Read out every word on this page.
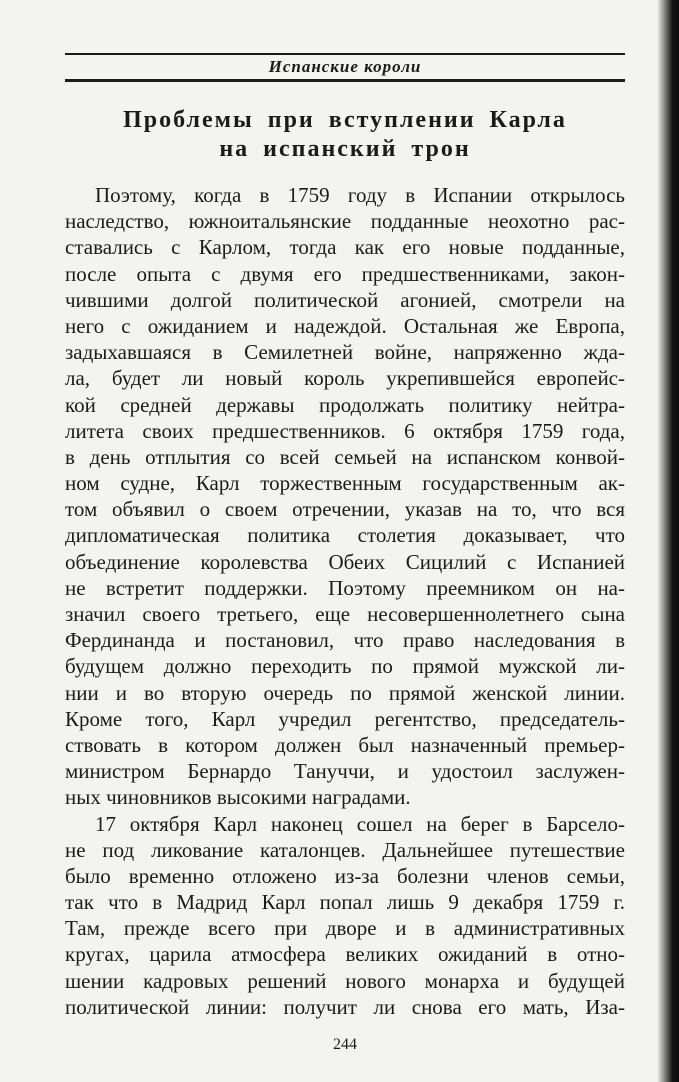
Испанские короли
Проблемы при вступлении Карла
на испанский трон
Поэтому, когда в 1759 году в Испании открылось
наследство, южноитальянские подданные неохотно рас-
ставались с Карлом, тогда как его новые подданные,
после опыта с двумя его предшественниками, закон-
чившими долгой политической агонией, смотрели на
него с ожиданием и надеждой. Остальная же Европа,
задыхавшаяся в Семилетней войне, напряженно жда-
ла, будет ли новый король укрепившейся европейс-
кой средней державы продолжать политику нейтра-
литета своих предшественников. 6 октября 1759 года,
в день отплытия со всей семьей на испанском конвой-
ном судне, Карл торжественным государственным ак-
том объявил о своем отречении, указав на то, что вся
дипломатическая политика столетия доказывает, что
объединение королевства Обеих Сицилий с Испанией
не встретит поддержки. Поэтому преемником он на-
значил своего третьего, еще несовершеннолетнего сына
Фердинанда и постановил, что право наследования в
будущем должно переходить по прямой мужской ли-
нии и во вторую очередь по прямой женской линии.
Кроме того, Карл учредил регентство, председатель-
ствовать в котором должен был назначенный премьер-
министром Бернардо Тануччи, и удостоил заслужен-
ных чиновников высокими наградами.
17 октября Карл наконец сошел на берег в Барсело-
не под ликование каталонцев. Дальнейшее путешествие
было временно отложено из-за болезни членов семьи,
так что в Мадрид Карл попал лишь 9 декабря 1759 г.
Там, прежде всего при дворе и в административных
кругах, царила атмосфера великих ожиданий в отно-
шении кадровых решений нового монарха и будущей
политической линии: получит ли снова его мать, Иза-
244
